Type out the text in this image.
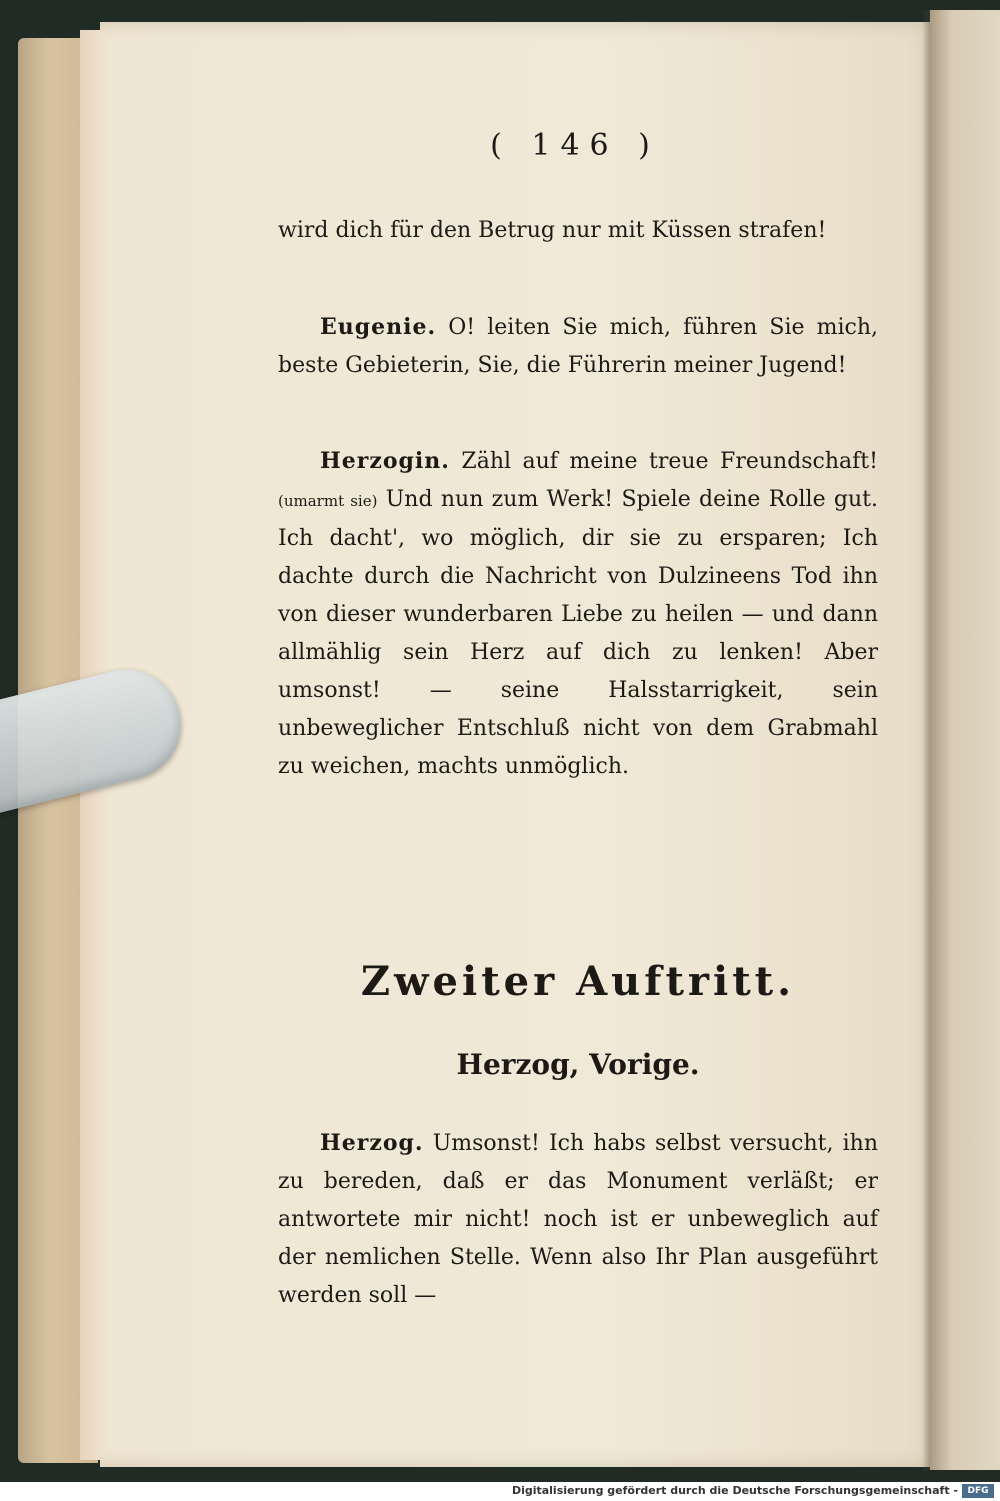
( 146 )

wird dich für den Betrug nur mit Küssen strafen!

Eugenie. O! leiten Sie mich, führen Sie mich, beste Gebieterin, Sie, die Führerin meiner Jugend!

Herzogin. Zähl auf meine treue Freundschaft! (umarmt sie) Und nun zum Werk! Spiele deine Rolle gut. Ich dacht', wo möglich, dir sie zu ersparen; Ich dachte durch die Nachricht von Dulzineens Tod ihn von dieser wunderbaren Liebe zu heilen — und dann allmählig sein Herz auf dich zu lenken! Aber umsonst! — seine Halsstarrigkeit, sein unbeweglicher Entschluß nicht von dem Grabmahl zu weichen, machts unmöglich.

Herzog. Umsonst! Ich habs selbst versucht, ihn zu bereden, daß er das Monument verläßt; er antwortete mir nicht! noch ist er unbeweglich auf der nemlichen Stelle. Wenn also Ihr Plan ausgeführt werden soll —

Zweiter Auftritt.
Herzog, Vorige.
Digitalisierung gefördert durch die Deutsche Forschungsgemeinschaft -	DFG
